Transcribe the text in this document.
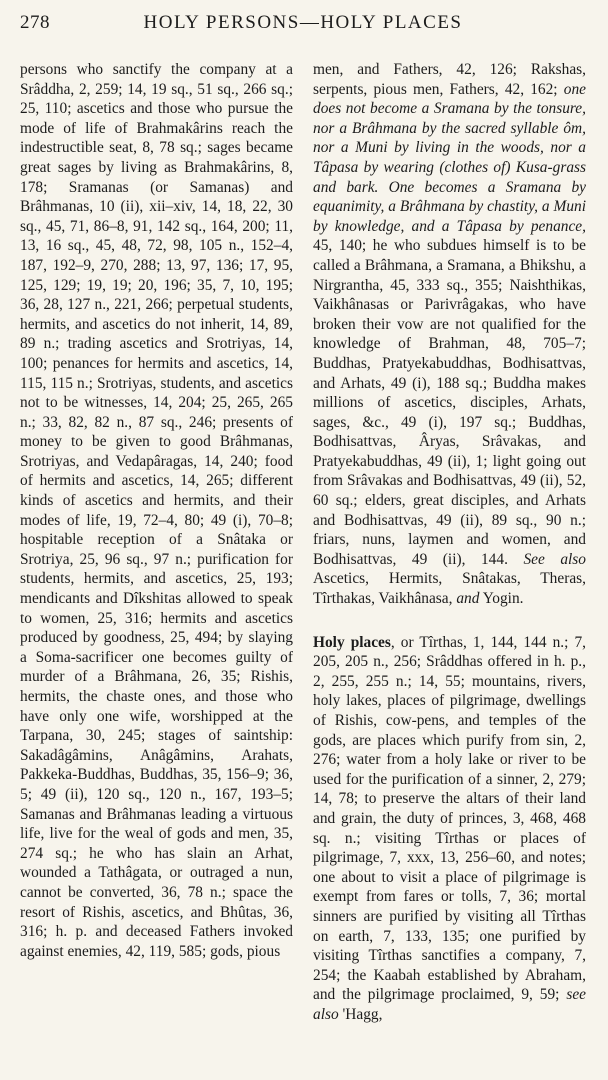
278	HOLY PERSONS—HOLY PLACES

persons who sanctify the company at a Srâddha, 2, 259; 14, 19 sq., 51 sq., 266 sq.; 25, 110; ascetics and those who pursue the mode of life of Brahmakârins reach the indestructible seat, 8, 78 sq.; sages became great sages by living as Brahmakârins, 8, 178; Sramanas (or Samanas) and Brâhmanas, 10 (ii), xii–xiv, 14, 18, 22, 30 sq., 45, 71, 86–8, 91, 142 sq., 164, 200; 11, 13, 16 sq., 45, 48, 72, 98, 105 n., 152–4, 187, 192–9, 270, 288; 13, 97, 136; 17, 95, 125, 129; 19, 19; 20, 196; 35, 7, 10, 195; 36, 28, 127 n., 221, 266; perpetual students, hermits, and ascetics do not inherit, 14, 89, 89 n.; trading ascetics and Srotriyas, 14, 100; penances for hermits and ascetics, 14, 115, 115 n.; Srotriyas, students, and ascetics not to be witnesses, 14, 204; 25, 265, 265 n.; 33, 82, 82 n., 87 sq., 246; presents of money to be given to good Brâhmanas, Srotriyas, and Vedapâragas, 14, 240; food of hermits and ascetics, 14, 265; different kinds of ascetics and hermits, and their modes of life, 19, 72–4, 80; 49 (i), 70–8; hospitable reception of a Snâtaka or Srotriya, 25, 96 sq., 97 n.; purification for students, hermits, and ascetics, 25, 193; mendicants and Dîkshitas allowed to speak to women, 25, 316; hermits and ascetics produced by goodness, 25, 494; by slaying a Soma-sacrificer one becomes guilty of murder of a Brâhmana, 26, 35; Rishis, hermits, the chaste ones, and those who have only one wife, worshipped at the Tarpana, 30, 245; stages of saintship: Sakadâgâmins, Anâgâmins, Arahats, Pakkeka-Buddhas, Buddhas, 35, 156–9; 36, 5; 49 (ii), 120 sq., 120 n., 167, 193–5; Samanas and Brâhmanas leading a virtuous life, live for the weal of gods and men, 35, 274 sq.; he who has slain an Arhat, wounded a Tathâgata, or outraged a nun, cannot be converted, 36, 78 n.; space the resort of Rishis, ascetics, and Bhûtas, 36, 316; h. p. and deceased Fathers invoked against enemies, 42, 119, 585; gods, pious

men, and Fathers, 42, 126; Rakshas, serpents, pious men, Fathers, 42, 162; one does not become a Sramana by the tonsure, nor a Brâhmana by the sacred syllable ôm, nor a Muni by living in the woods, nor a Tâpasa by wearing (clothes of) Kusa-grass and bark. One becomes a Sramana by equanimity, a Brâhmana by chastity, a Muni by knowledge, and a Tâpasa by penance, 45, 140; he who subdues himself is to be called a Brâhmana, a Sramana, a Bhikshu, a Nirgrantha, 45, 333 sq., 355; Naishthikas, Vaikhânasas or Parivrâgakas, who have broken their vow are not qualified for the knowledge of Brahman, 48, 705–7; Buddhas, Pratyekabuddhas, Bodhisattvas, and Arhats, 49 (i), 188 sq.; Buddha makes millions of ascetics, disciples, Arhats, sages, &c., 49 (i), 197 sq.; Buddhas, Bodhisattvas, Âryas, Srâvakas, and Pratyekabuddhas, 49 (ii), 1; light going out from Srâvakas and Bodhisattvas, 49 (ii), 52, 60 sq.; elders, great disciples, and Arhats and Bodhisattvas, 49 (ii), 89 sq., 90 n.; friars, nuns, laymen and women, and Bodhisattvas, 49 (ii), 144. See also Ascetics, Hermits, Snâtakas, Theras, Tîrthakas, Vaikhânasa, and Yogin.

Holy places, or Tîrthas, 1, 144, 144 n.; 7, 205, 205 n., 256; Srâddhas offered in h. p., 2, 255, 255 n.; 14, 55; mountains, rivers, holy lakes, places of pilgrimage, dwellings of Rishis, cow-pens, and temples of the gods, are places which purify from sin, 2, 276; water from a holy lake or river to be used for the purification of a sinner, 2, 279; 14, 78; to preserve the altars of their land and grain, the duty of princes, 3, 468, 468 sq. n.; visiting Tîrthas or places of pilgrimage, 7, xxx, 13, 256–60, and notes; one about to visit a place of pilgrimage is exempt from fares or tolls, 7, 36; mortal sinners are purified by visiting all Tîrthas on earth, 7, 133, 135; one purified by visiting Tîrthas sanctifies a company, 7, 254; the Kaabah established by Abraham, and the pilgrimage proclaimed, 9, 59; see also 'Hagg,
